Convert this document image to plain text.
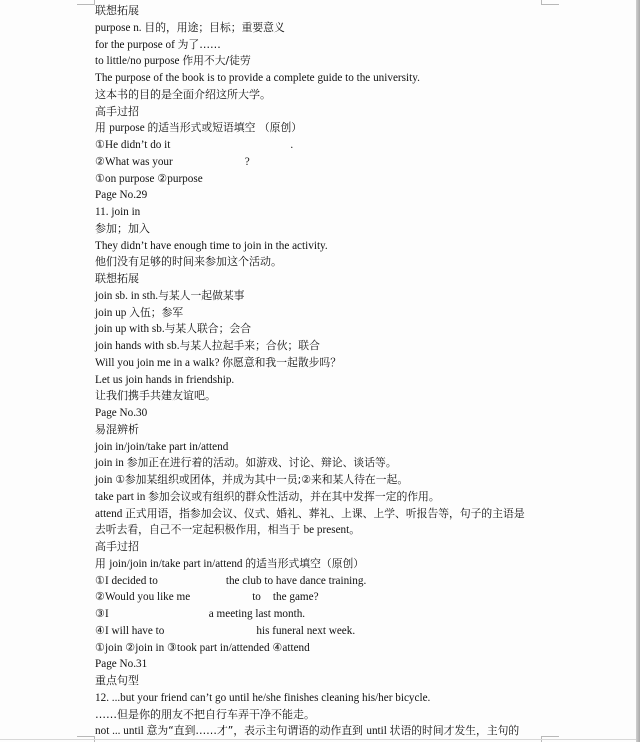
联想拓展
purpose n. 目的，用途；目标；重要意义
for the purpose of 为了……
to little/no purpose 作用不大/徒劳
The purpose of the book is to provide a complete guide to the university.
这本书的目的是全面介绍这所大学。
高手过招
用 purpose 的适当形式或短语填空 （原创）
①He didn’t do it	.
②What was your	?
①on purpose ②purpose
Page No.29
11. join in
参加；加入
They didn’t have enough time to join in the activity.
他们没有足够的时间来参加这个活动。
联想拓展
join sb. in sth.与某人一起做某事
join up 入伍；参军
join up with sb.与某人联合；会合
join hands with sb.与某人拉起手来；合伙；联合
Will you join me in a walk? 你愿意和我一起散步吗？
Let us join hands in friendship.
让我们携手共建友谊吧。
Page No.30
易混辨析
join in/join/take part in/attend
join in 参加正在进行着的活动。如游戏、讨论、辩论、谈话等。
join ①参加某组织或团体，并成为其中一员;②来和某人待在一起。
take part in 参加会议或有组织的群众性活动，并在其中发挥一定的作用。
attend 正式用语，指参加会议、仪式、婚礼、葬礼、上课、上学、听报告等，句子的主语是
去听去看，自己不一定起积极作用，相当于 be present。
高手过招
用 join/join in/take part in/attend 的适当形式填空（原创）
①I decided to	the club to have dance training.
②Would you like me	to the game?
③I	a meeting last month.
④I will have to	his funeral next week.
①join ②join in ③took part in/attended ④attend
Page No.31
重点句型
12. ...but your friend can’t go until he/she finishes cleaning his/her bicycle.
……但是你的朋友不把自行车弄干净不能走。
not ... until 意为“直到……才”，表示主句谓语的动作直到 until 状语的时间才发生，主句的
